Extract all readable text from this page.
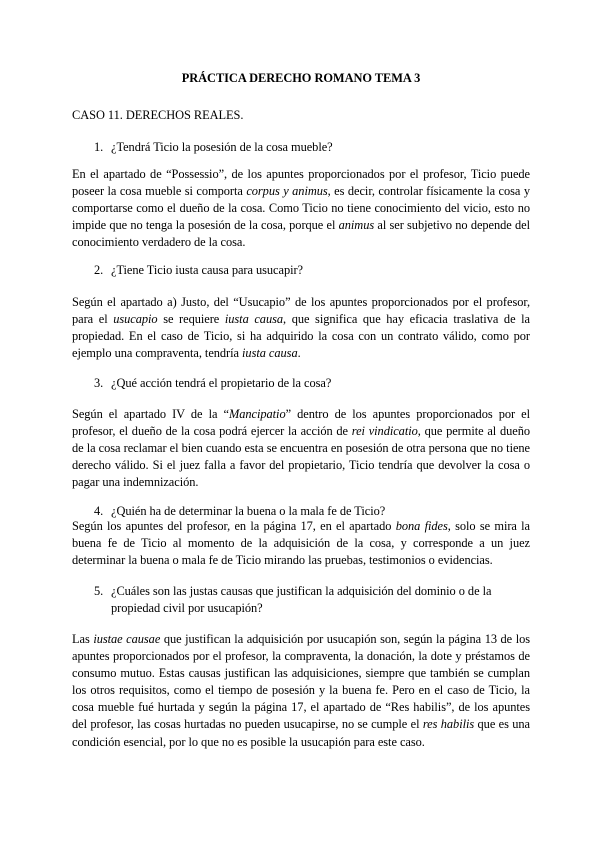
PRÁCTICA DERECHO ROMANO TEMA 3
CASO 11. DERECHOS REALES.
1. ¿Tendrá Ticio la posesión de la cosa mueble?
En el apartado de “Possessio”, de los apuntes proporcionados por el profesor, Ticio puede poseer la cosa mueble si comporta corpus y animus, es decir, controlar físicamente la cosa y comportarse como el dueño de la cosa. Como Ticio no tiene conocimiento del vicio, esto no impide que no tenga la posesión de la cosa, porque el animus al ser subjetivo no depende del conocimiento verdadero de la cosa.
2. ¿Tiene Ticio iusta causa para usucapir?
Según el apartado a) Justo, del “Usucapio” de los apuntes proporcionados por el profesor, para el usucapio se requiere iusta causa, que significa que hay eficacia traslativa de la propiedad. En el caso de Ticio, si ha adquirido la cosa con un contrato válido, como por ejemplo una compraventa, tendría iusta causa.
3. ¿Qué acción tendrá el propietario de la cosa?
Según el apartado IV de la “Mancipatio” dentro de los apuntes proporcionados por el profesor, el dueño de la cosa podrá ejercer la acción de rei vindicatio, que permite al dueño de la cosa reclamar el bien cuando esta se encuentra en posesión de otra persona que no tiene derecho válido. Si el juez falla a favor del propietario, Ticio tendría que devolver la cosa o pagar una indemnización.
4. ¿Quién ha de determinar la buena o la mala fe de Ticio?
Según los apuntes del profesor, en la página 17, en el apartado bona fides, solo se mira la buena fe de Ticio al momento de la adquisición de la cosa, y corresponde a un juez determinar la buena o mala fe de Ticio mirando las pruebas, testimonios o evidencias.
5. ¿Cuáles son las justas causas que justifican la adquisición del dominio o de la propiedad civil por usucapión?
Las iustae causae que justifican la adquisición por usucapión son, según la página 13 de los apuntes proporcionados por el profesor, la compraventa, la donación, la dote y préstamos de consumo mutuo. Estas causas justifican las adquisiciones, siempre que también se cumplan los otros requisitos, como el tiempo de posesión y la buena fe. Pero en el caso de Ticio, la cosa mueble fué hurtada y según la página 17, el apartado de “Res habilis”, de los apuntes del profesor, las cosas hurtadas no pueden usucapirse, no se cumple el res habilis que es una condición esencial, por lo que no es posible la usucapión para este caso.
